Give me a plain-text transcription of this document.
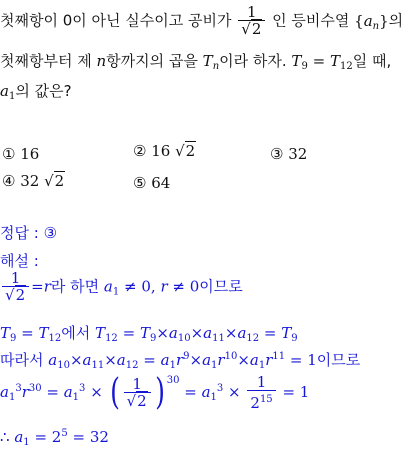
첫째항이 0이 아닌 실수이고 공비가 $\frac{1}{√2}$ 인 등비수열 $\{a_n\}$의
첫째항부터 제 n항까지의 곱을 $T_n$이라 하자. $T_9 = T_{12}$일 때,
$a_1$의 값은?
① 16	② 16 √2	③ 32
④ 32 √2	⑤ 64
정답 : ③
해설 :
$\frac{1}{√2} =r$라 하면 $a_1 \ne 0$, r ≠ 0이므로
$T_9 = T_{12}$에서 $T_{12} = T_9\times a_{10}\times a_{11}\times a_{12} = T_9$
따라서 $a_{10}\times a_{11}\times a_{12} = a_1r^9\times a_1r^{10}\times a_1r^{11} = 1$이므로
$a_1^3r^{30} = a_1^3$ × ( $\frac{1}{√2}$ ) $^{30} = a_1^3 \times \frac{1}{2^{15}} = 1$
∴ $a_1 = 2^5 = 32$
